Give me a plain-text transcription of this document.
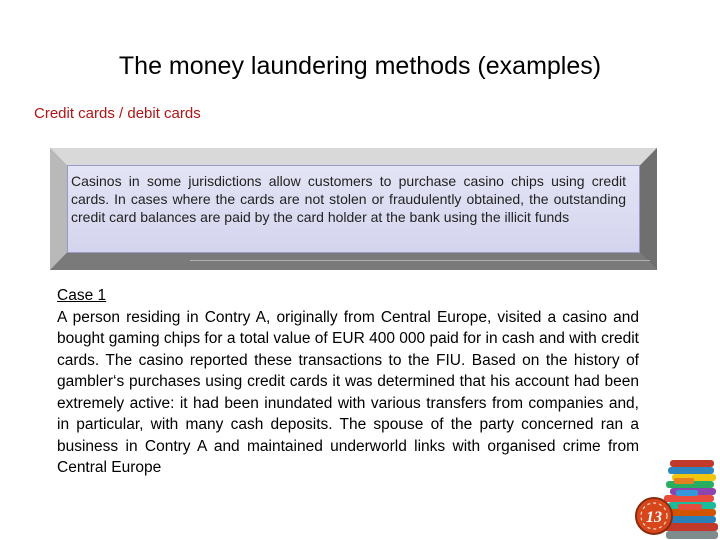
The money laundering methods (examples)
Credit cards / debit cards
Casinos in some jurisdictions allow customers to purchase casino chips using credit cards. In cases where the cards are not stolen or fraudulently obtained, the outstanding credit card balances are paid by the card holder at the bank using the illicit funds
Case 1
A person residing in Contry A, originally from Central Europe, visited a casino and bought gaming chips for a total value of EUR 400 000 paid for in cash and with credit cards. The casino reported these transactions to the FIU. Based on the history of gambler‘s purchases using credit cards it was determined that his account had been extremely active: it had been inundated with various transfers from companies and, in particular, with many cash deposits. The spouse of the party concerned ran a business in Contry A and maintained underworld links with organised crime from Central Europe
13
